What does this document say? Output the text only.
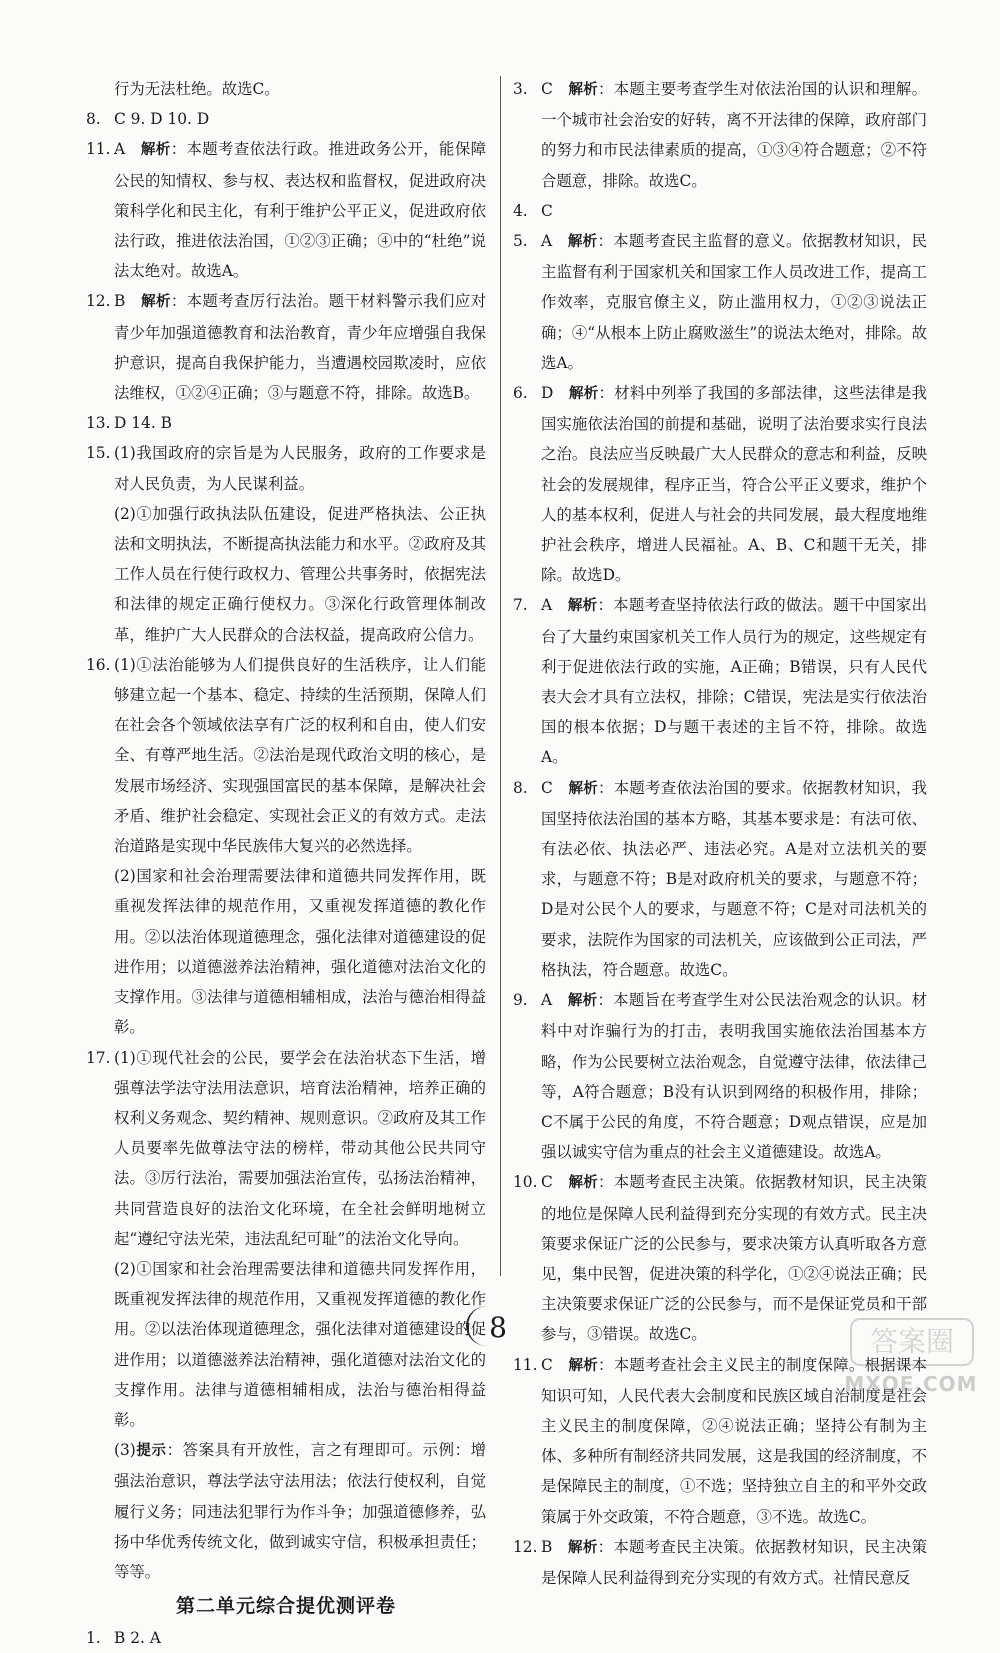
行为无法杜绝。故选C。

8. C 9. D 10. D

11. A  解析：本题考查依法行政。推进政务公开，能保障公民的知情权、参与权、表达权和监督权，促进政府决策科学化和民主化，有利于维护公平正义，促进政府依法行政，推进依法治国，①②③正确；④中的“杜绝”说法太绝对。故选A。

12. B  解析：本题考查厉行法治。题干材料警示我们应对青少年加强道德教育和法治教育，青少年应增强自我保护意识，提高自我保护能力，当遭遇校园欺凌时，应依法维权，①②④正确；③与题意不符，排除。故选B。

13. D 14. B

15. (1)我国政府的宗旨是为人民服务，政府的工作要求是对人民负责，为人民谋利益。

(2)①加强行政执法队伍建设，促进严格执法、公正执法和文明执法，不断提高执法能力和水平。②政府及其工作人员在行使行政权力、管理公共事务时，依据宪法和法律的规定正确行使权力。③深化行政管理体制改革，维护广大人民群众的合法权益，提高政府公信力。

16. (1)①法治能够为人们提供良好的生活秩序，让人们能够建立起一个基本、稳定、持续的生活预期，保障人们在社会各个领域依法享有广泛的权利和自由，使人们安全、有尊严地生活。②法治是现代政治文明的核心，是发展市场经济、实现强国富民的基本保障，是解决社会矛盾、维护社会稳定、实现社会正义的有效方式。走法治道路是实现中华民族伟大复兴的必然选择。

(2)国家和社会治理需要法律和道德共同发挥作用，既重视发挥法律的规范作用，又重视发挥道德的教化作用。②以法治体现道德理念，强化法律对道德建设的促进作用；以道德滋养法治精神，强化道德对法治文化的支撑作用。③法律与道德相辅相成，法治与德治相得益彰。

17. (1)①现代社会的公民，要学会在法治状态下生活，增强尊法学法守法用法意识，培育法治精神，培养正确的权利义务观念、契约精神、规则意识。②政府及其工作人员要率先做尊法守法的榜样，带动其他公民共同守法。③厉行法治，需要加强法治宣传，弘扬法治精神，共同营造良好的法治文化环境，在全社会鲜明地树立起“遵纪守法光荣，违法乱纪可耻”的法治文化导向。

(2)①国家和社会治理需要法律和道德共同发挥作用，既重视发挥法律的规范作用，又重视发挥道德的教化作用。②以法治体现道德理念，强化法律对道德建设的促进作用；以道德滋养法治精神，强化道德对法治文化的支撑作用。法律与道德相辅相成，法治与德治相得益彰。

(3)提示：答案具有开放性，言之有理即可。示例：增强法治意识，尊法学法守法用法；依法行使权利，自觉履行义务；同违法犯罪行为作斗争；加强道德修养，弘扬中华优秀传统文化，做到诚实守信，积极承担责任；等等。

第二单元综合提优测评卷

1. B 2. A

3. C  解析：本题主要考查学生对依法治国的认识和理解。一个城市社会治安的好转，离不开法律的保障，政府部门的努力和市民法律素质的提高，①③④符合题意；②不符合题意，排除。故选C。

4. C

5. A  解析：本题考查民主监督的意义。依据教材知识，民主监督有利于国家机关和国家工作人员改进工作，提高工作效率，克服官僚主义，防止滥用权力，①②③说法正确；④“从根本上防止腐败滋生”的说法太绝对，排除。故选A。

6. D  解析：材料中列举了我国的多部法律，这些法律是我国实施依法治国的前提和基础，说明了法治要求实行良法之治。良法应当反映最广大人民群众的意志和利益，反映社会的发展规律，程序正当，符合公平正义要求，维护个人的基本权利，促进人与社会的共同发展，最大程度地维护社会秩序，增进人民福祉。A、B、C和题干无关，排除。故选D。

7. A  解析：本题考查坚持依法行政的做法。题干中国家出台了大量约束国家机关工作人员行为的规定，这些规定有利于促进依法行政的实施，A正确；B错误，只有人民代表大会才具有立法权，排除；C错误，宪法是实行依法治国的根本依据；D与题干表述的主旨不符，排除。故选A。

8. C  解析：本题考查依法治国的要求。依据教材知识，我国坚持依法治国的基本方略，其基本要求是：有法可依、有法必依、执法必严、违法必究。A是对立法机关的要求，与题意不符；B是对政府机关的要求，与题意不符；D是对公民个人的要求，与题意不符；C是对司法机关的要求，法院作为国家的司法机关，应该做到公正司法，严格执法，符合题意。故选C。

9. A  解析：本题旨在考查学生对公民法治观念的认识。材料中对诈骗行为的打击，表明我国实施依法治国基本方略，作为公民要树立法治观念，自觉遵守法律，依法律己等，A符合题意；B没有认识到网络的积极作用，排除；C不属于公民的角度，不符合题意；D观点错误，应是加强以诚实守信为重点的社会主义道德建设。故选A。

10. C  解析：本题考查民主决策。依据教材知识，民主决策的地位是保障人民利益得到充分实现的有效方式。民主决策要求保证广泛的公民参与，要求决策方认真听取各方意见，集中民智，促进决策的科学化，①②④说法正确；民主决策要求保证广泛的公民参与，而不是保证党员和干部参与，③错误。故选C。

11. C  解析：本题考查社会主义民主的制度保障。根据课本知识可知，人民代表大会制度和民族区域自治制度是社会主义民主的制度保障，②④说法正确；坚持公有制为主体、多种所有制经济共同发展，这是我国的经济制度，不是保障民主的制度，①不选；坚持独立自主的和平外交政策属于外交政策，不符合题意，③不选。故选C。

12. B  解析：本题考查民主决策。依据教材知识，民主决策是保障人民利益得到充分实现的有效方式。社情民意反

8	答案圈
MXQE.COM
